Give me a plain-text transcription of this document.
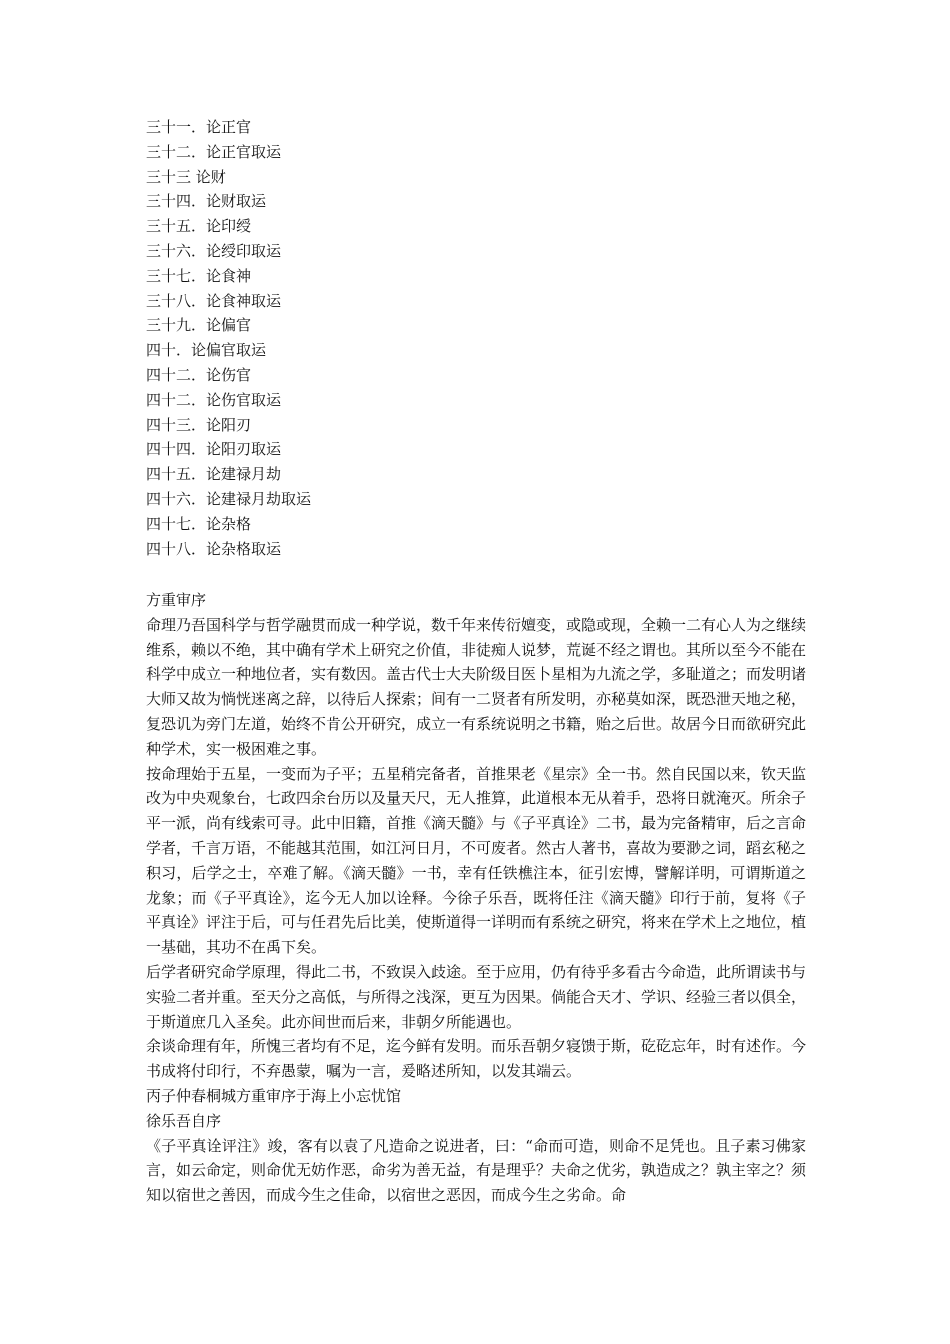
三十一．论正官
三十二．论正官取运
三十三 论财
三十四．论财取运
三十五．论印绶
三十六．论绶印取运
三十七．论食神
三十八．论食神取运
三十九．论偏官
四十．论偏官取运
四十二．论伤官
四十二．论伤官取运
四十三．论阳刃
四十四．论阳刃取运
四十五．论建禄月劫
四十六．论建禄月劫取运
四十七．论杂格
四十八．论杂格取运

方重审序

命理乃吾国科学与哲学融贯而成一种学说，数千年来传衍嬗变，或隐或现，全赖一二有心人为之继续维系，赖以不绝，其中确有学术上研究之价值，非徒痴人说梦，荒诞不经之谓也。其所以至今不能在科学中成立一种地位者，实有数因。盖古代士大夫阶级目医卜星相为九流之学，多耻道之；而发明诸大师又故为惝恍迷离之辞，以待后人探索；间有一二贤者有所发明，亦秘莫如深，既恐泄天地之秘，复恐讥为旁门左道，始终不肯公开研究，成立一有系统说明之书籍，贻之后世。故居今日而欲研究此种学术，实一极困难之事。

按命理始于五星，一变而为子平；五星稍完备者，首推果老《星宗》全一书。然自民国以来，钦天监改为中央观象台，七政四余台历以及量天尺，无人推算，此道根本无从着手，恐将日就淹灭。所余子平一派，尚有线索可寻。此中旧籍，首推《滴天髓》与《子平真诠》二书，最为完备精审，后之言命学者，千言万语，不能越其范围，如江河日月，不可废者。然古人著书，喜故为要渺之词，蹈玄秘之积习，后学之士，卒难了解。《滴天髓》一书，幸有任铁樵注本，征引宏博，譬解详明，可谓斯道之龙象；而《子平真诠》，迄今无人加以诠释。今徐子乐吾，既将任注《滴天髓》印行于前，复将《子平真诠》评注于后，可与任君先后比美，使斯道得一详明而有系统之研究，将来在学术上之地位，植一基础，其功不在禹下矣。

后学者研究命学原理，得此二书，不致误入歧途。至于应用，仍有待乎多看古今命造，此所谓读书与实验二者并重。至天分之高低，与所得之浅深，更互为因果。倘能合天才、学识、经验三者以俱全，于斯道庶几入圣矣。此亦间世而后来，非朝夕所能遇也。

余谈命理有年，所愧三者均有不足，迄今鲜有发明。而乐吾朝夕寝馈于斯，矻矻忘年，时有述作。今书成将付印行，不弃愚蒙，嘱为一言，爰略述所知，以发其端云。

丙子仲春桐城方重审序于海上小忘忧馆

徐乐吾自序

《子平真诠评注》竣，客有以袁了凡造命之说进者，曰：“命而可造，则命不足凭也。且子素习佛家言，如云命定，则命优无妨作恶，命劣为善无益，有是理乎？夫命之优劣，孰造成之？孰主宰之？须知以宿世之善因，而成今生之佳命，以宿世之恶因，而成今生之劣命。命
